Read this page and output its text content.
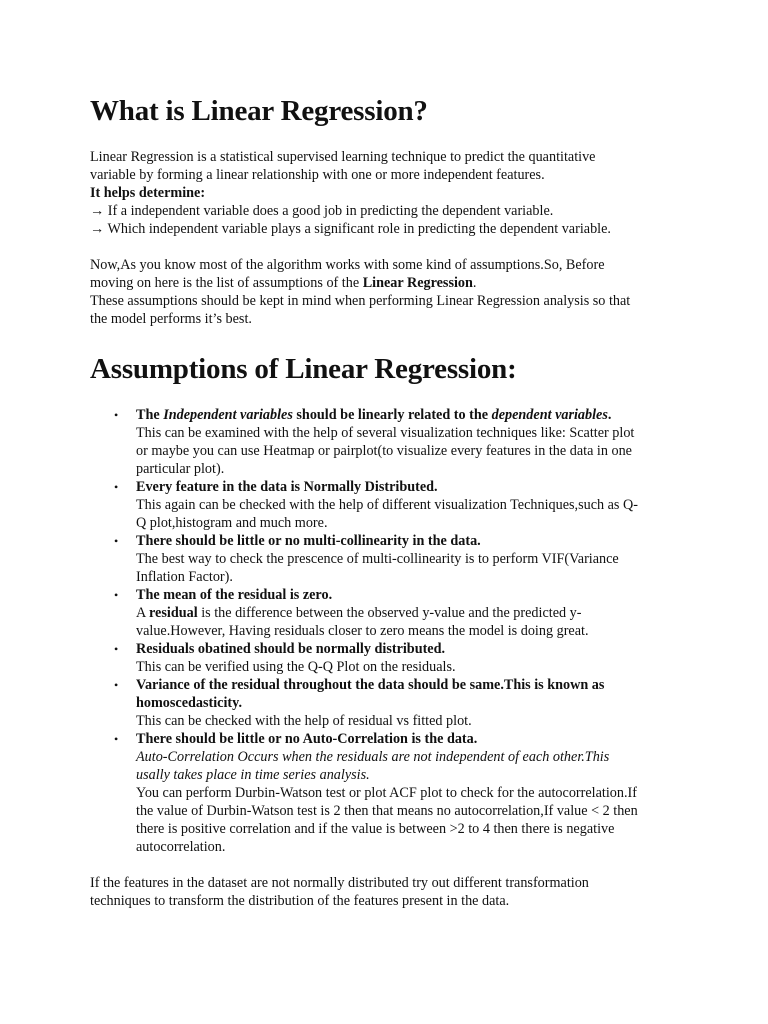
What is Linear Regression?

Linear Regression is a statistical supervised learning technique to predict the quantitative
variable by forming a linear relationship with one or more independent features.
It helps determine:
→ If a independent variable does a good job in predicting the dependent variable.
→ Which independent variable plays a significant role in predicting the dependent variable.

Now,As you know most of the algorithm works with some kind of assumptions.So, Before
moving on here is the list of assumptions of the Linear Regression.
These assumptions should be kept in mind when performing Linear Regression analysis so that
the model performs it’s best.

Assumptions of Linear Regression:
• The Independent variables should be linearly related to the dependent variables.
This can be examined with the help of several visualization techniques like: Scatter plot
or maybe you can use Heatmap or pairplot(to visualize every features in the data in one
particular plot).
• Every feature in the data is Normally Distributed.
This again can be checked with the help of different visualization Techniques,such as Q-
Q plot,histogram and much more.
• There should be little or no multi-collinearity in the data.
The best way to check the prescence of multi-collinearity is to perform VIF(Variance
Inflation Factor).
• The mean of the residual is zero.
A residual is the difference between the observed y-value and the predicted y-
value.However, Having residuals closer to zero means the model is doing great.
• Residuals obatined should be normally distributed.
This can be verified using the Q-Q Plot on the residuals.
• Variance of the residual throughout the data should be same.This is known as
homoscedasticity.
This can be checked with the help of residual vs fitted plot.
• There should be little or no Auto-Correlation is the data.
Auto-Correlation Occurs when the residuals are not independent of each other.This
usally takes place in time series analysis.
You can perform Durbin-Watson test or plot ACF plot to check for the autocorrelation.If
the value of Durbin-Watson test is 2 then that means no autocorrelation,If value < 2 then
there is positive correlation and if the value is between >2 to 4 then there is negative
autocorrelation.

If the features in the dataset are not normally distributed try out different transformation
techniques to transform the distribution of the features present in the data.
